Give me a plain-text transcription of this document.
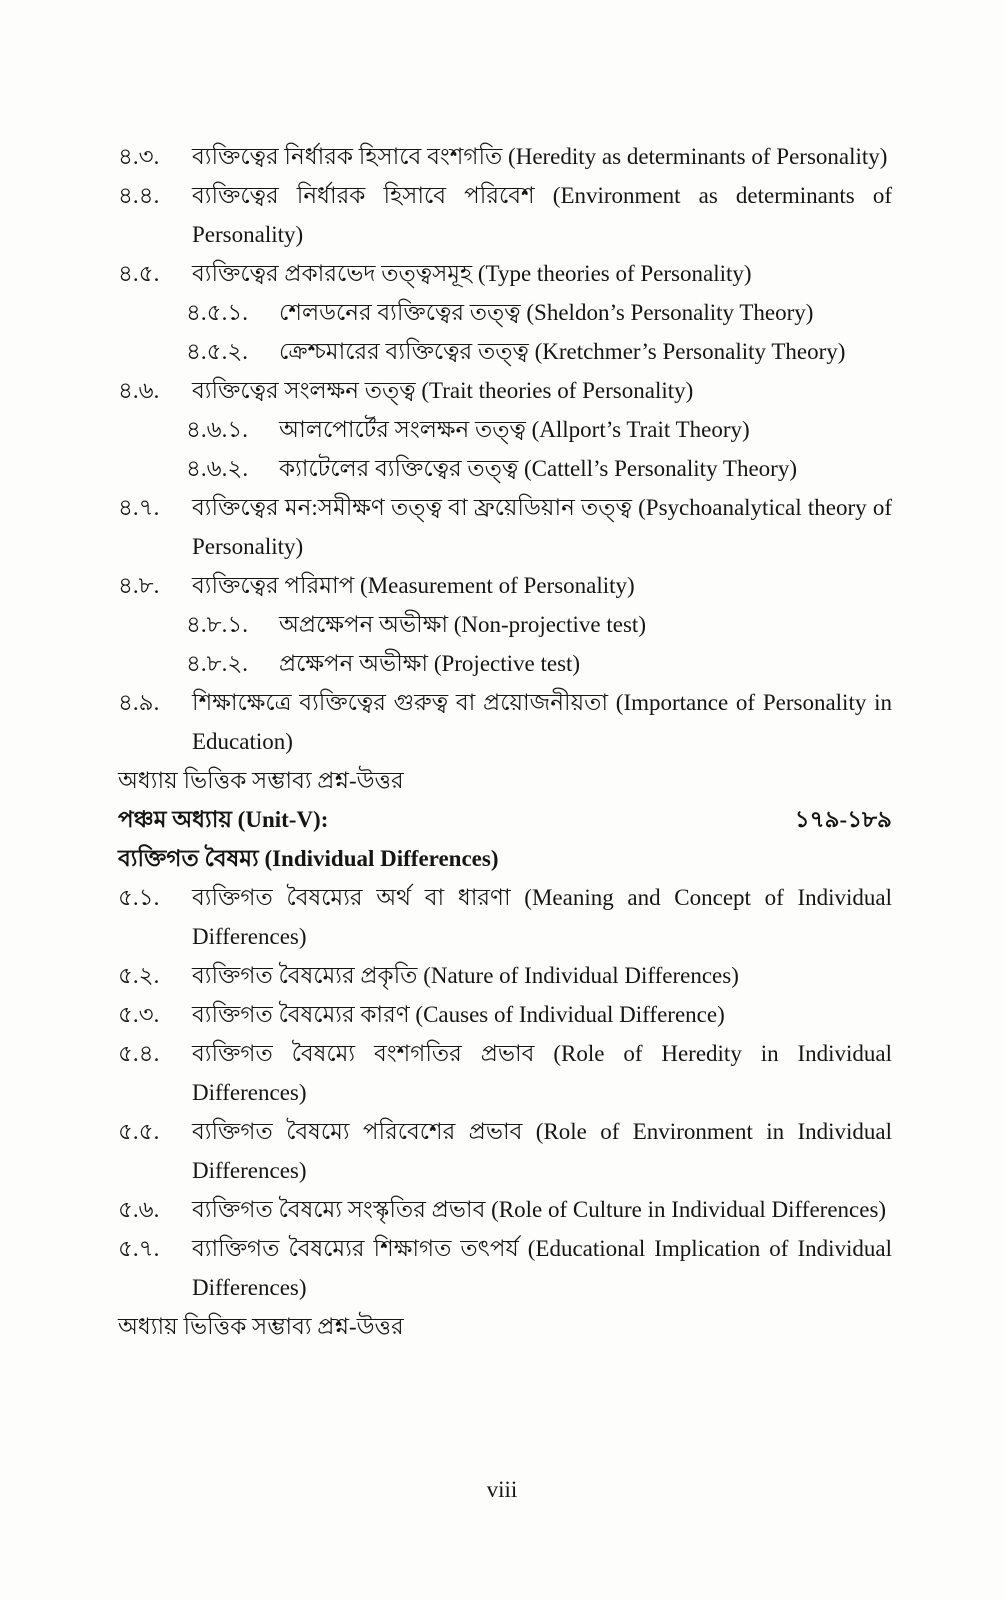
৪.৩.	ব্যক্তিত্বের নির্ধারক হিসাবে বংশগতি (Heredity as determinants of Personality)
৪.৪.	ব্যক্তিত্বের নির্ধারক হিসাবে পরিবেশ (Environment as determinants of Personality)
৪.৫.	ব্যক্তিত্বের প্রকারভেদ তত্ত্বসমূহ (Type theories of Personality)
৪.৫.১.	শেলডনের ব্যক্তিত্বের তত্ত্ব (Sheldon’s Personality Theory)
৪.৫.২.	ক্রেশ্চমারের ব্যক্তিত্বের তত্ত্ব (Kretchmer’s Personality Theory)
৪.৬.	ব্যক্তিত্বের সংলক্ষন তত্ত্ব (Trait theories of Personality)
৪.৬.১.	আলপোর্টের সংলক্ষন তত্ত্ব (Allport’s Trait Theory)
৪.৬.২.	ক্যাটেলের ব্যক্তিত্বের তত্ত্ব (Cattell’s Personality Theory)
৪.৭.	ব্যক্তিত্বের মন:সমীক্ষণ তত্ত্ব বা ফ্রয়েডিয়ান তত্ত্ব (Psychoanalytical theory of Personality)
৪.৮.	ব্যক্তিত্বের পরিমাপ (Measurement of Personality)
৪.৮.১.	অপ্রক্ষেপন অভীক্ষা (Non-projective test)
৪.৮.২.	প্রক্ষেপন অভীক্ষা (Projective test)
৪.৯.	শিক্ষাক্ষেত্রে ব্যক্তিত্বের গুরুত্ব বা প্রয়োজনীয়তা (Importance of Personality in Education)
অধ্যায় ভিত্তিক সম্ভাব্য প্রশ্ন-উত্তর
পঞ্চম অধ্যায় (Unit-V):	১৭৯-১৮৯
ব্যক্তিগত বৈষম্য (Individual Differences)
৫.১.	ব্যক্তিগত বৈষম্যের অর্থ বা ধারণা (Meaning and Concept of Individual Differences)
৫.২.	ব্যক্তিগত বৈষম্যের প্রকৃতি (Nature of Individual Differences)
৫.৩.	ব্যক্তিগত বৈষম্যের কারণ (Causes of Individual Difference)
৫.৪.	ব্যক্তিগত বৈষম্যে বংশগতির প্রভাব (Role of Heredity in Individual Differences)
৫.৫.	ব্যক্তিগত বৈষম্যে পরিবেশের প্রভাব (Role of Environment in Individual Differences)
৫.৬.	ব্যক্তিগত বৈষম্যে সংস্কৃতির প্রভাব (Role of Culture in Individual Differences)
৫.৭.	ব্যাক্তিগত বৈষম্যের শিক্ষাগত তৎপর্য (Educational Implication of Individual Differences)
অধ্যায় ভিত্তিক সম্ভাব্য প্রশ্ন-উত্তর
viii
